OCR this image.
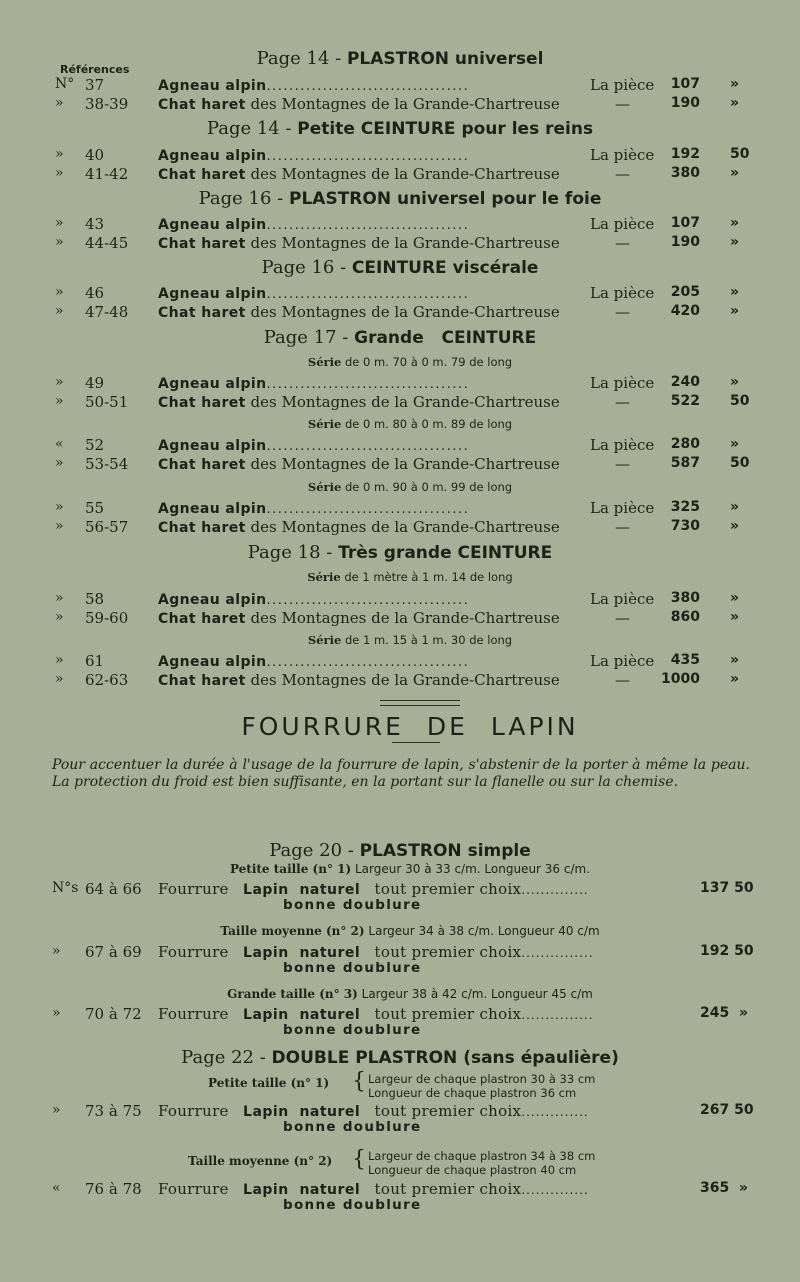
Références
Page 14 - PLASTRON universel
Page 14 - Petite CEINTURE pour les reins
Page 16 - PLASTRON universel pour le foie
Page 16 - CEINTURE viscérale
Page 17 - Grande   CEINTURE
Page 18 - Très grande CEINTURE
Série de 0 m. 70 à 0 m. 79 de long
Série de 0 m. 80 à 0 m. 89 de long
Série de 0 m. 90 à 0 m. 99 de long
Série de 1 mètre à 1 m. 14 de long
Série de 1 m. 15 à 1 m. 30 de long
N° 37	Agneau alpin....................................	La pièce	107 »
»	38-39 Chat haret des Montagnes de la Grande-Chartreuse	—	190 »
»	40	Agneau alpin....................................	La pièce	192 50
»	41-42 Chat haret des Montagnes de la Grande-Chartreuse	—	380 »
»	43	Agneau alpin....................................	La pièce	107 »
»	44-45 Chat haret des Montagnes de la Grande-Chartreuse	—	190 »
»	46	Agneau alpin....................................	La pièce	205 »
»	47-48 Chat haret des Montagnes de la Grande-Chartreuse	—	420 »
»	49	Agneau alpin....................................	La pièce	240 »
»	50-51 Chat haret des Montagnes de la Grande-Chartreuse	—	522 50
«	52	Agneau alpin....................................	La pièce	280 »
»	53-54 Chat haret des Montagnes de la Grande-Chartreuse	—	587 50
»	55	Agneau alpin....................................	La pièce	325 »
»	56-57 Chat haret des Montagnes de la Grande-Chartreuse	—	730 »
»	58	Agneau alpin....................................	La pièce	380 »
»	59-60 Chat haret des Montagnes de la Grande-Chartreuse	—	860 »
»	61	Agneau alpin....................................	La pièce	435 »
»	62-63 Chat haret des Montagnes de la Grande-Chartreuse	—	1000 »
FOURRURE DE LAPIN
Pour accentuer la durée à l'usage de la fourrure de lapin, s'abstenir de la porter à même la peau. La protection du froid est bien suffisante, en la portant sur la flanelle ou sur la chemise.
Page 20 - PLASTRON simple
Petite taille (n° 1) Largeur 30 à 33 c/m. Longueur 36 c/m.
Taille moyenne (n° 2) Largeur 34 à 38 c/m. Longueur 40 c/m
Grande taille (n° 3) Largeur 38 à 42 c/m. Longueur 45 c/m
Page 22 - DOUBLE PLASTRON (sans épaulière)
Petite taille (n° 1) { Largeur de chaque plastron 30 à 33 cm
Longueur de chaque plastron 36 cm
Taille moyenne (n° 2) { Largeur de chaque plastron 34 à 38 cm
Longueur de chaque plastron 40 cm
N°s 64 à 66 Fourrure Lapin  naturel tout premier choix..............	137 50
bonne doublure
» 67 à 69 Fourrure Lapin  naturel tout premier choix...............	192 50
bonne doublure
» 70 à 72 Fourrure Lapin  naturel tout premier choix...............	245  »
bonne doublure
» 73 à 75 Fourrure Lapin  naturel tout premier choix..............	267 50
bonne doublure
« 76 à 78 Fourrure Lapin  naturel tout premier choix..............	365  »
bonne doublure
